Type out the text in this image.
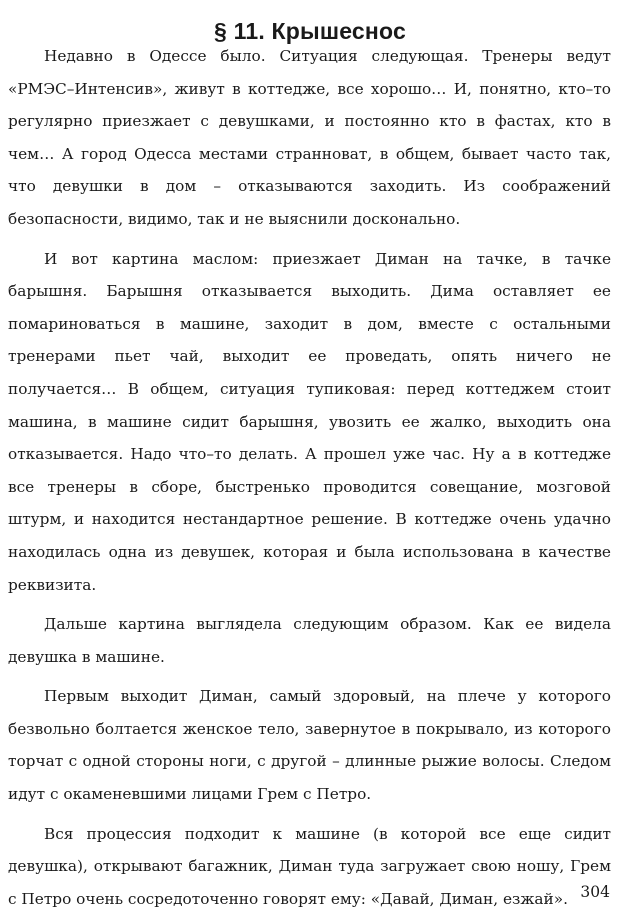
§ 11. Крышеснос

Недавно в Одессе было. Ситуация следующая. Тренеры ведут «РМЭС–Интенсив», живут в коттедже, все хорошо… И, понятно, кто–то регулярно приезжает с девушками, и постоянно кто в фастах, кто в чем… А город Одесса местами странноват, в общем, бывает часто так, что девушки в дом – отказываются заходить. Из соображений безопасности, видимо, так и не выяснили досконально.

И вот картина маслом: приезжает Диман на тачке, в тачке барышня. Барышня отказывается выходить. Дима оставляет ее помариноваться в машине, заходит в дом, вместе с остальными тренерами пьет чай, выходит ее проведать, опять ничего не получается… В общем, ситуация тупиковая: перед коттеджем стоит машина, в машине сидит барышня, увозить ее жалко, выходить она отказывается. Надо что–то делать. А прошел уже час. Ну а в коттедже все тренеры в сборе, быстренько проводится совещание, мозговой штурм, и находится нестандартное решение. В коттедже очень удачно находилась одна из девушек, которая и была использована в качестве реквизита.

Дальше картина выглядела следующим образом. Как ее видела девушка в машине.

Первым выходит Диман, самый здоровый, на плече у которого безвольно болтается женское тело, завернутое в покрывало, из которого торчат с одной стороны ноги, с другой – длинные рыжие волосы. Следом идут с окаменевшими лицами Грем с Петро.

Вся процессия подходит к машине (в которой все еще сидит девушка), открывают багажник, Диман туда загружает свою ношу, Грем с Петро очень сосредоточенно говорят ему: «Давай, Диман, езжай». 304
